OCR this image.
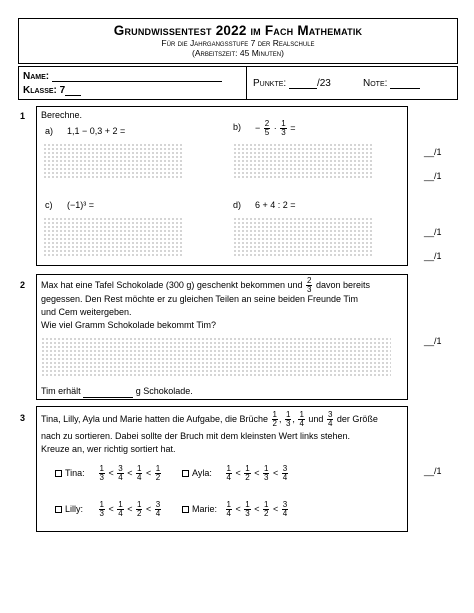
Grundwissentest 2022 im Fach Mathematik
Für die Jahrgangsstufe 7 der Realschule
(Arbeitszeit: 45 Minuten)
Name:
Klasse: 7
Punkte:	/23	Note:
1 Berechne.
a) 1,1 − 0,3 + 2 =	$b) - \frac{2}{5} \cdot \frac{1}{3}$ =
c) (−1)³ =	d) 6 + 4 : 2 =
__/1
__/1
__/1
__/1
2 Max hat eine Tafel Schokolade (300 g) geschenkt bekommen und $\frac{2}{3}$ davon bereits
gegessen. Den Rest möchte er zu gleichen Teilen an seine beiden Freunde Tim
und Cem weitergeben.
Wie viel Gramm Schokolade bekommt Tim?
Tim erhält	g Schokolade.
__/1
3 Tina, Lilly, Ayla und Marie hatten die Aufgabe, die Brüche $\frac{1}{2}$ , $\frac{1}{3}$ , $\frac{1}{4}$ und $\frac{3}{4}$ der Größe
nach zu sortieren. Dabei sollte der Bruch mit dem kleinsten Wert links stehen.
Kreuze an, wer richtig sortiert hat.
Tina: $\frac{1}{3} < \frac{3}{4} < \frac{1}{4} < \frac{1}{2}$	Ayla: $\frac{1}{4} < \frac{1}{2} < \frac{1}{3} < \frac{3}{4}$
Lilly: $\frac{1}{3} < \frac{1}{4} < \frac{1}{2} < \frac{3}{4}$	Marie: $\frac{1}{4} < \frac{1}{3} < \frac{1}{2} < \frac{3}{4}$
__/1
